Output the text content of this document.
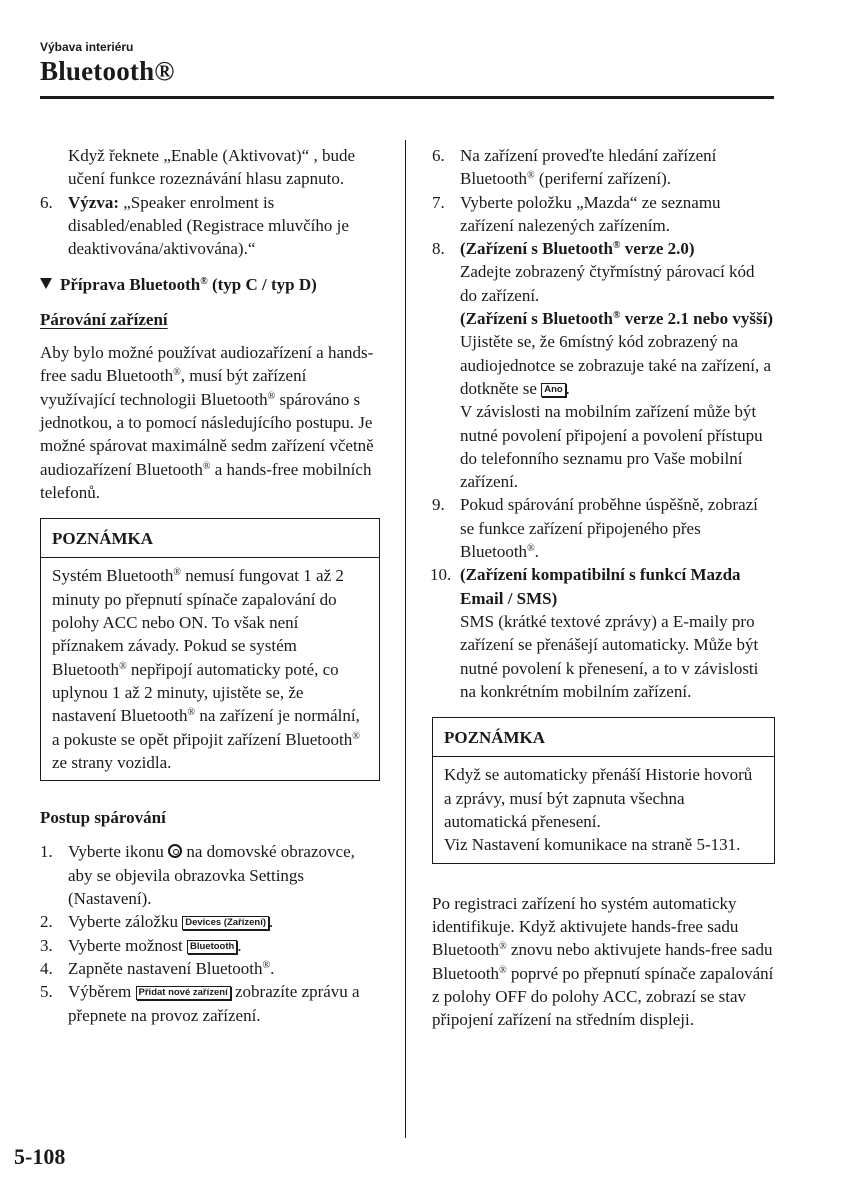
Výbava interiéru
Bluetooth®

Když řeknete „Enable (Aktivovat)“ , bude učení funkce rozeznávání hlasu zapnuto.

6. Výzva: „Speaker enrolment is disabled/enabled (Registrace mluvčího je deaktivována/aktivována).“
Příprava Bluetooth® (typ C / typ D)
Párování zařízení

Aby bylo možné používat audiozařízení a hands-free sadu Bluetooth®, musí být zařízení využívající technologii Bluetooth® spárováno s jednotkou, a to pomocí následujícího postupu. Je možné spárovat maximálně sedm zařízení včetně audiozařízení Bluetooth® a hands-free mobilních telefonů.

POZNÁMKA
Systém Bluetooth® nemusí fungovat 1 až 2 minuty po přepnutí spínače zapalování do polohy ACC nebo ON. To však není příznakem závady. Pokud se systém Bluetooth® nepřipojí automaticky poté, co uplynou 1 až 2 minuty, ujistěte se, že nastavení Bluetooth® na zařízení je normální, a pokuste se opět připojit zařízení Bluetooth® ze strany vozidla.
Postup spárování
1. Vyberte ikonu  na domovské obrazovce, aby se objevila obrazovka Settings (Nastavení).
2. Vyberte záložku Devices (Zařízení) .
3. Vyberte možnost Bluetooth .
4. Zapněte nastavení Bluetooth®.
5. Výběrem Přidat nové zařízení zobrazíte zprávu a přepnete na provoz zařízení.
6. Na zařízení proveďte hledání zařízení Bluetooth® (periferní zařízení).
7. Vyberte položku „Mazda“ ze seznamu zařízení nalezených zařízením.
8. (Zařízení s Bluetooth® verze 2.0)
Zadejte zobrazený čtyřmístný párovací kód do zařízení.
(Zařízení s Bluetooth® verze 2.1 nebo vyšší)
Ujistěte se, že 6místný kód zobrazený na audiojednotce se zobrazuje také na zařízení, a dotkněte se Ano .
V závislosti na mobilním zařízení může být nutné povolení připojení a povolení přístupu do telefonního seznamu pro Vaše mobilní zařízení.
9. Pokud spárování proběhne úspěšně, zobrazí se funkce zařízení připojeného přes Bluetooth®.
10. (Zařízení kompatibilní s funkcí Mazda Email / SMS)
SMS (krátké textové zprávy) a E-maily pro zařízení se přenášejí automaticky. Může být nutné povolení k přenesení, a to v závislosti na konkrétním mobilním zařízení.
POZNÁMKA

Když se automaticky přenáší Historie hovorů a zprávy, musí být zapnuta všechna automatická přenesení.

Viz Nastavení komunikace na straně 5-131.

Po registraci zařízení ho systém automaticky identifikuje. Když aktivujete hands-free sadu Bluetooth® znovu nebo aktivujete hands-free sadu Bluetooth® poprvé po přepnutí spínače zapalování z polohy OFF do polohy ACC, zobrazí se stav připojení zařízení na středním displeji.

5-108
